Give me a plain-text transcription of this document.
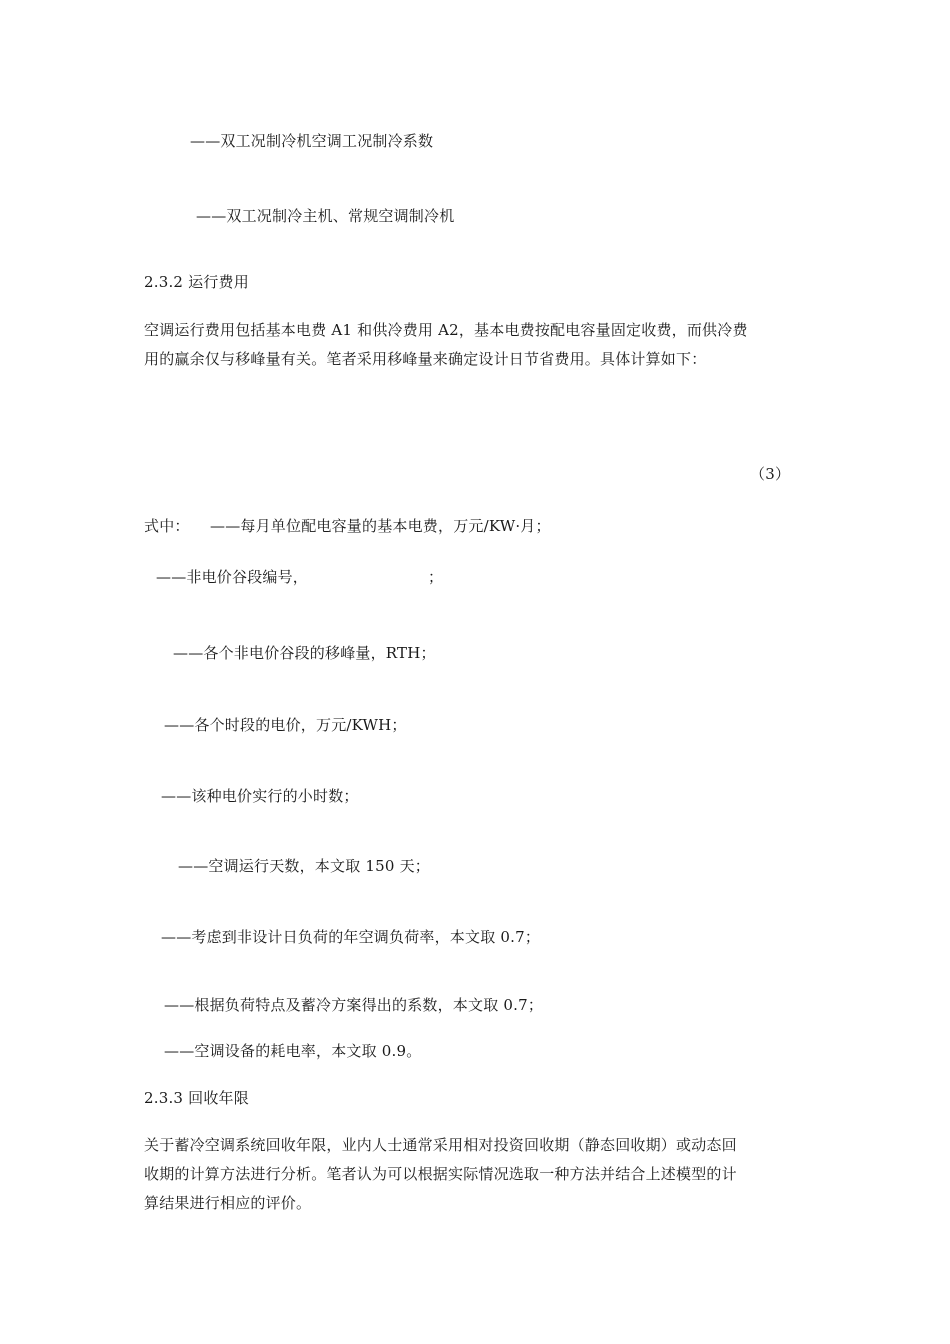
——双工况制冷机空调工况制冷系数
——双工况制冷主机、常规空调制冷机
2.3.2 运行费用
空调运行费用包括基本电费 A1 和供冷费用 A2，基本电费按配电容量固定收费，而供冷费
用的赢余仅与移峰量有关。笔者采用移峰量来确定设计日节省费用。具体计算如下：
（3）
式中： ——每月单位配电容量的基本电费，万元/KW·月；
——非电价谷段编号，	；
——各个非电价谷段的移峰量，RTH；
——各个时段的电价，万元/KWH；
——该种电价实行的小时数；
——空调运行天数，本文取 150 天；
——考虑到非设计日负荷的年空调负荷率，本文取 0.7；
——根据负荷特点及蓄冷方案得出的系数，本文取 0.7；
——空调设备的耗电率，本文取 0.9。
2.3.3 回收年限
关于蓄冷空调系统回收年限，业内人士通常采用相对投资回收期（静态回收期）或动态回
收期的计算方法进行分析。笔者认为可以根据实际情况选取一种方法并结合上述模型的计
算结果进行相应的评价。
